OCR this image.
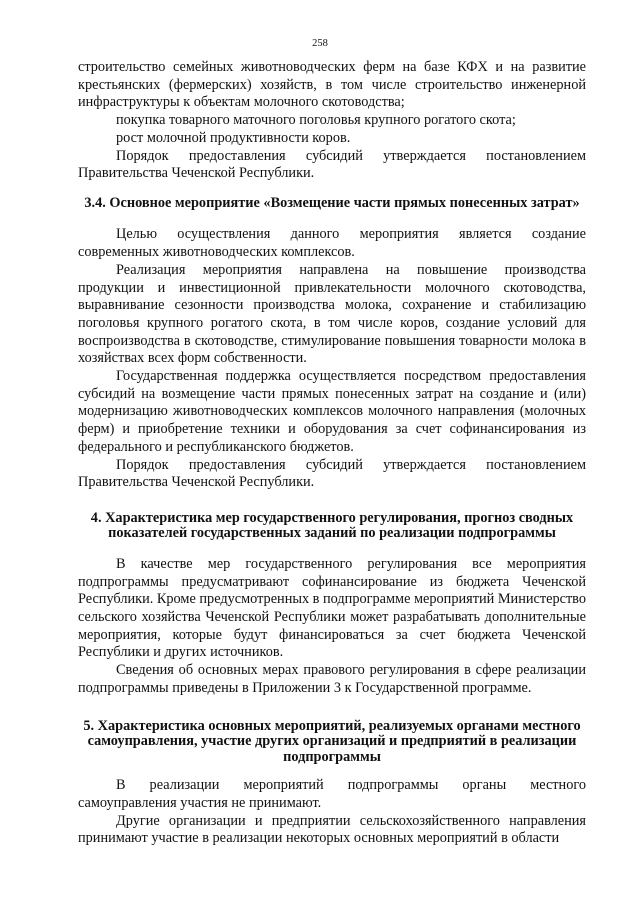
258

строительство семейных животноводческих ферм на базе КФХ и на развитие крестьянских (фермерских) хозяйств, в том числе строительство инженерной инфраструктуры к объектам молочного скотоводства;

покупка товарного маточного поголовья крупного рогатого скота;

рост молочной продуктивности коров.

Порядок предоставления субсидий утверждается постановлением Правительства Чеченской Республики.

3.4. Основное мероприятие «Возмещение части прямых понесенных затрат»

Целью осуществления данного мероприятия является создание современных животноводческих комплексов.

Реализация мероприятия направлена на повышение производства продукции и инвестиционной привлекательности молочного скотоводства, выравнивание сезонности производства молока, сохранение и стабилизацию поголовья крупного рогатого скота, в том числе коров, создание условий для воспроизводства в скотоводстве, стимулирование повышения товарности молока в хозяйствах всех форм собственности.

Государственная поддержка осуществляется посредством предоставления субсидий на возмещение части прямых понесенных затрат на создание и (или) модернизацию животноводческих комплексов молочного направления (молочных ферм) и приобретение техники и оборудования за счет софинансирования из федерального и республиканского бюджетов.

Порядок предоставления субсидий утверждается постановлением Правительства Чеченской Республики.

4. Характеристика мер государственного регулирования, прогноз сводных показателей государственных заданий по реализации подпрограммы

В качестве мер государственного регулирования все мероприятия подпрограммы предусматривают софинансирование из бюджета Чеченской Республики. Кроме предусмотренных в подпрограмме мероприятий Министерство сельского хозяйства Чеченской Республики может разрабатывать дополнительные мероприятия, которые будут финансироваться за счет бюджета Чеченской Республики и других источников.

Сведения об основных мерах правового регулирования в сфере реализации подпрограммы приведены в Приложении 3 к Государственной программе.

5. Характеристика основных мероприятий, реализуемых органами местного самоуправления, участие других организаций и предприятий в реализации подпрограммы

В реализации мероприятий подпрограммы органы местного самоуправления участия не принимают.

Другие организации и предприятии сельскохозяйственного направления принимают участие в реализации некоторых основных мероприятий в области
